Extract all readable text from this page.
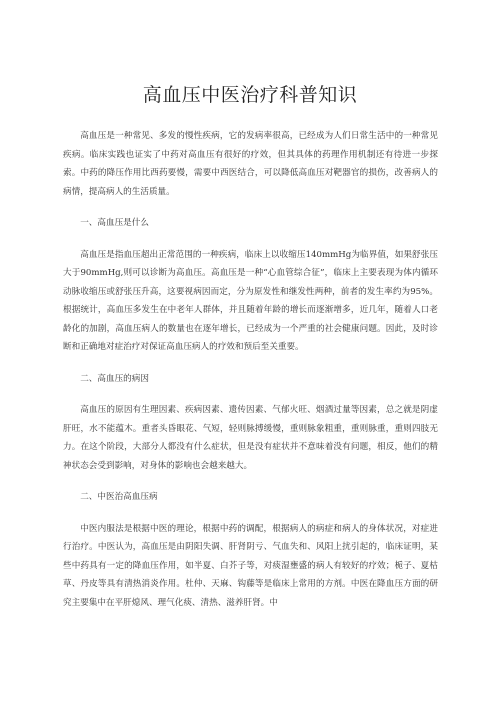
高血压中医治疗科普知识

高血压是一种常见、多发的慢性疾病，它的发病率很高，已经成为人们日常生活中的一种常见疾病。临床实践也证实了中药对高血压有很好的疗效，但其具体的药理作用机制还有待进一步探索。中药的降压作用比西药要慢，需要中西医结合，可以降低高血压对靶器官的损伤，改善病人的病情，提高病人的生活质量。

一、高血压是什么

高血压是指血压超出正常范围的一种疾病，临床上以收缩压140mmHg为临界值，如果舒张压大于90mmHg,则可以诊断为高血压。高血压是一种“心血管综合征”，临床上主要表现为体内循环动脉收缩压或舒张压升高，这要视病因而定，分为原发性和继发性两种，前者的发生率约为95%。根据统计，高血压多发生在中老年人群体，并且随着年龄的增长而逐渐增多，近几年，随着人口老龄化的加剧，高血压病人的数量也在逐年增长，已经成为一个严重的社会健康问题。因此，及时诊断和正确地对症治疗对保证高血压病人的疗效和预后至关重要。

二、高血压的病因

高血压的原因有生理因素、疾病因素、遗传因素、气郁火旺、烟酒过量等因素，总之就是阴虚肝旺，水不能蕴木。重者头昏眼花、气短，轻则脉搏缓慢，重则脉象粗重，重则脉重，重则四肢无力。在这个阶段，大部分人都没有什么症状，但是没有症状并不意味着没有问题，相反，他们的精神状态会受到影响，对身体的影响也会越来越大。

二、中医治高血压病

中医内服法是根据中医的理论，根据中药的调配，根据病人的病症和病人的身体状况，对症进行治疗。中医认为，高血压是由阴阳失调、肝肾阴亏、气血失和、风阳上扰引起的，临床证明，某些中药具有一定的降血压作用，如半夏、白芥子等，对痰湿壅盛的病人有较好的疗效；栀子、夏枯草、丹皮等具有清热消炎作用。杜仲、天麻、钩藤等是临床上常用的方剂。中医在降血压方面的研究主要集中在平肝熄风、理气化痰、清热、滋养肝肾。中
